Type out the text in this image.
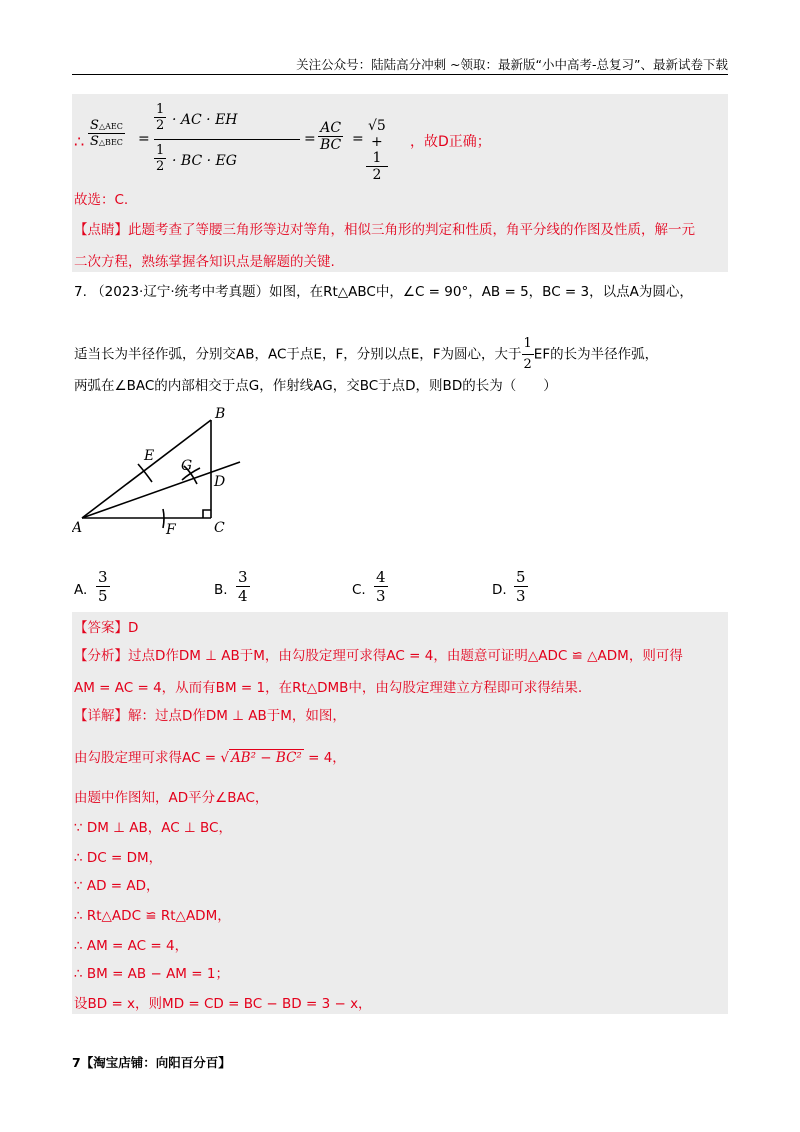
关注公众号：陆陆高分冲刺 ~领取：最新版“小中高考-总复习”、最新试卷下载
∴
S△AEC
S△BEC =
$\frac{1}{2}$ · AC · EH
$\frac{1}{2}$ · BC · EG
= $\frac{AC}{BC} = \frac{√5 + 1}{2}$ ，故D正确；
故选：C.
【点睛】此题考查了等腰三角形等边对等角，相似三角形的判定和性质，角平分线的作图及性质，解一元
二次方程，熟练掌握各知识点是解题的关键.
7. （2023·辽宁·统考中考真题）如图，在Rt△ABC中，∠C = 90°，AB = 5，BC = 3，以点A为圆心，
适当长为半径作弧，分别交AB，AC于点E，F，分别以点E，F为圆心，大于 $\frac{1}{2}$ EF的长为半径作弧，
两弧在∠BAC的内部相交于点G，作射线AG，交BC于点D，则BD的长为（　　）
B
E
G
D
A	F	C
A. $\frac{3}{5}$	B. $\frac{3}{4}$	C. $\frac{4}{3}$	D. $\frac{5}{3}$
【答案】D
【分析】过点D作DM ⊥ AB于M，由勾股定理可求得AC = 4，由题意可证明△ADC ≌ △ADM，则可得
AM = AC = 4，从而有BM = 1，在Rt△DMB中，由勾股定理建立方程即可求得结果.
【详解】解：过点D作DM ⊥ AB于M，如图，
由勾股定理可求得AC = √ AB² − BC² = 4，
由题中作图知，AD平分∠BAC，
∵ DM ⊥ AB，AC ⊥ BC，
∴ DC = DM，
∵ AD = AD，
∴ Rt△ADC ≌ Rt△ADM，
∴ AM = AC = 4，
∴ BM = AB − AM = 1；
设BD = x，则MD = CD = BC − BD = 3 − x，
7【淘宝店铺：向阳百分百】
